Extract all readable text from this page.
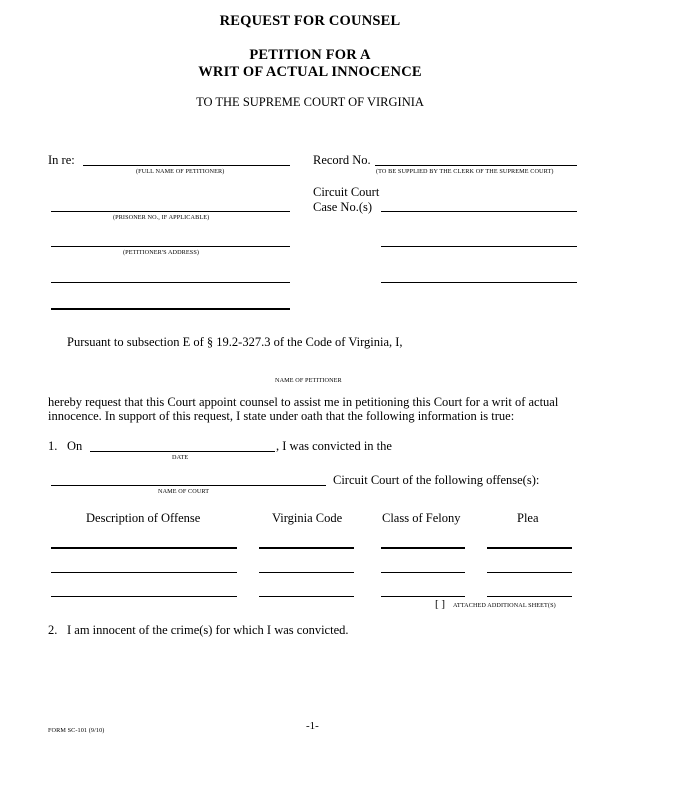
REQUEST FOR COUNSEL
PETITION FOR A
WRIT OF ACTUAL INNOCENCE
TO THE SUPREME COURT OF VIRGINIA
In re:
(FULL NAME OF PETITIONER)
(PRISONER NO., IF APPLICABLE)
(PETITIONER'S ADDRESS)
Record No.
(TO BE SUPPLIED BY THE CLERK OF THE SUPREME COURT)
Circuit Court
Case No.(s)
Pursuant to subsection E of § 19.2-327.3 of the Code of Virginia, I,
NAME OF PETITIONER
hereby request that this Court appoint counsel to assist me in petitioning this Court for a writ of actual
innocence. In support of this request, I state under oath that the following information is true:
1. On	, I was convicted in the
DATE
Circuit Court of the following offense(s):
NAME OF COURT
Description of Offense	Virginia Code	Class of Felony	Plea
[ ] ATTACHED ADDITIONAL SHEET(S)
2. I am innocent of the crime(s) for which I was convicted.
FORM SC-101 (9/10)	-1-
